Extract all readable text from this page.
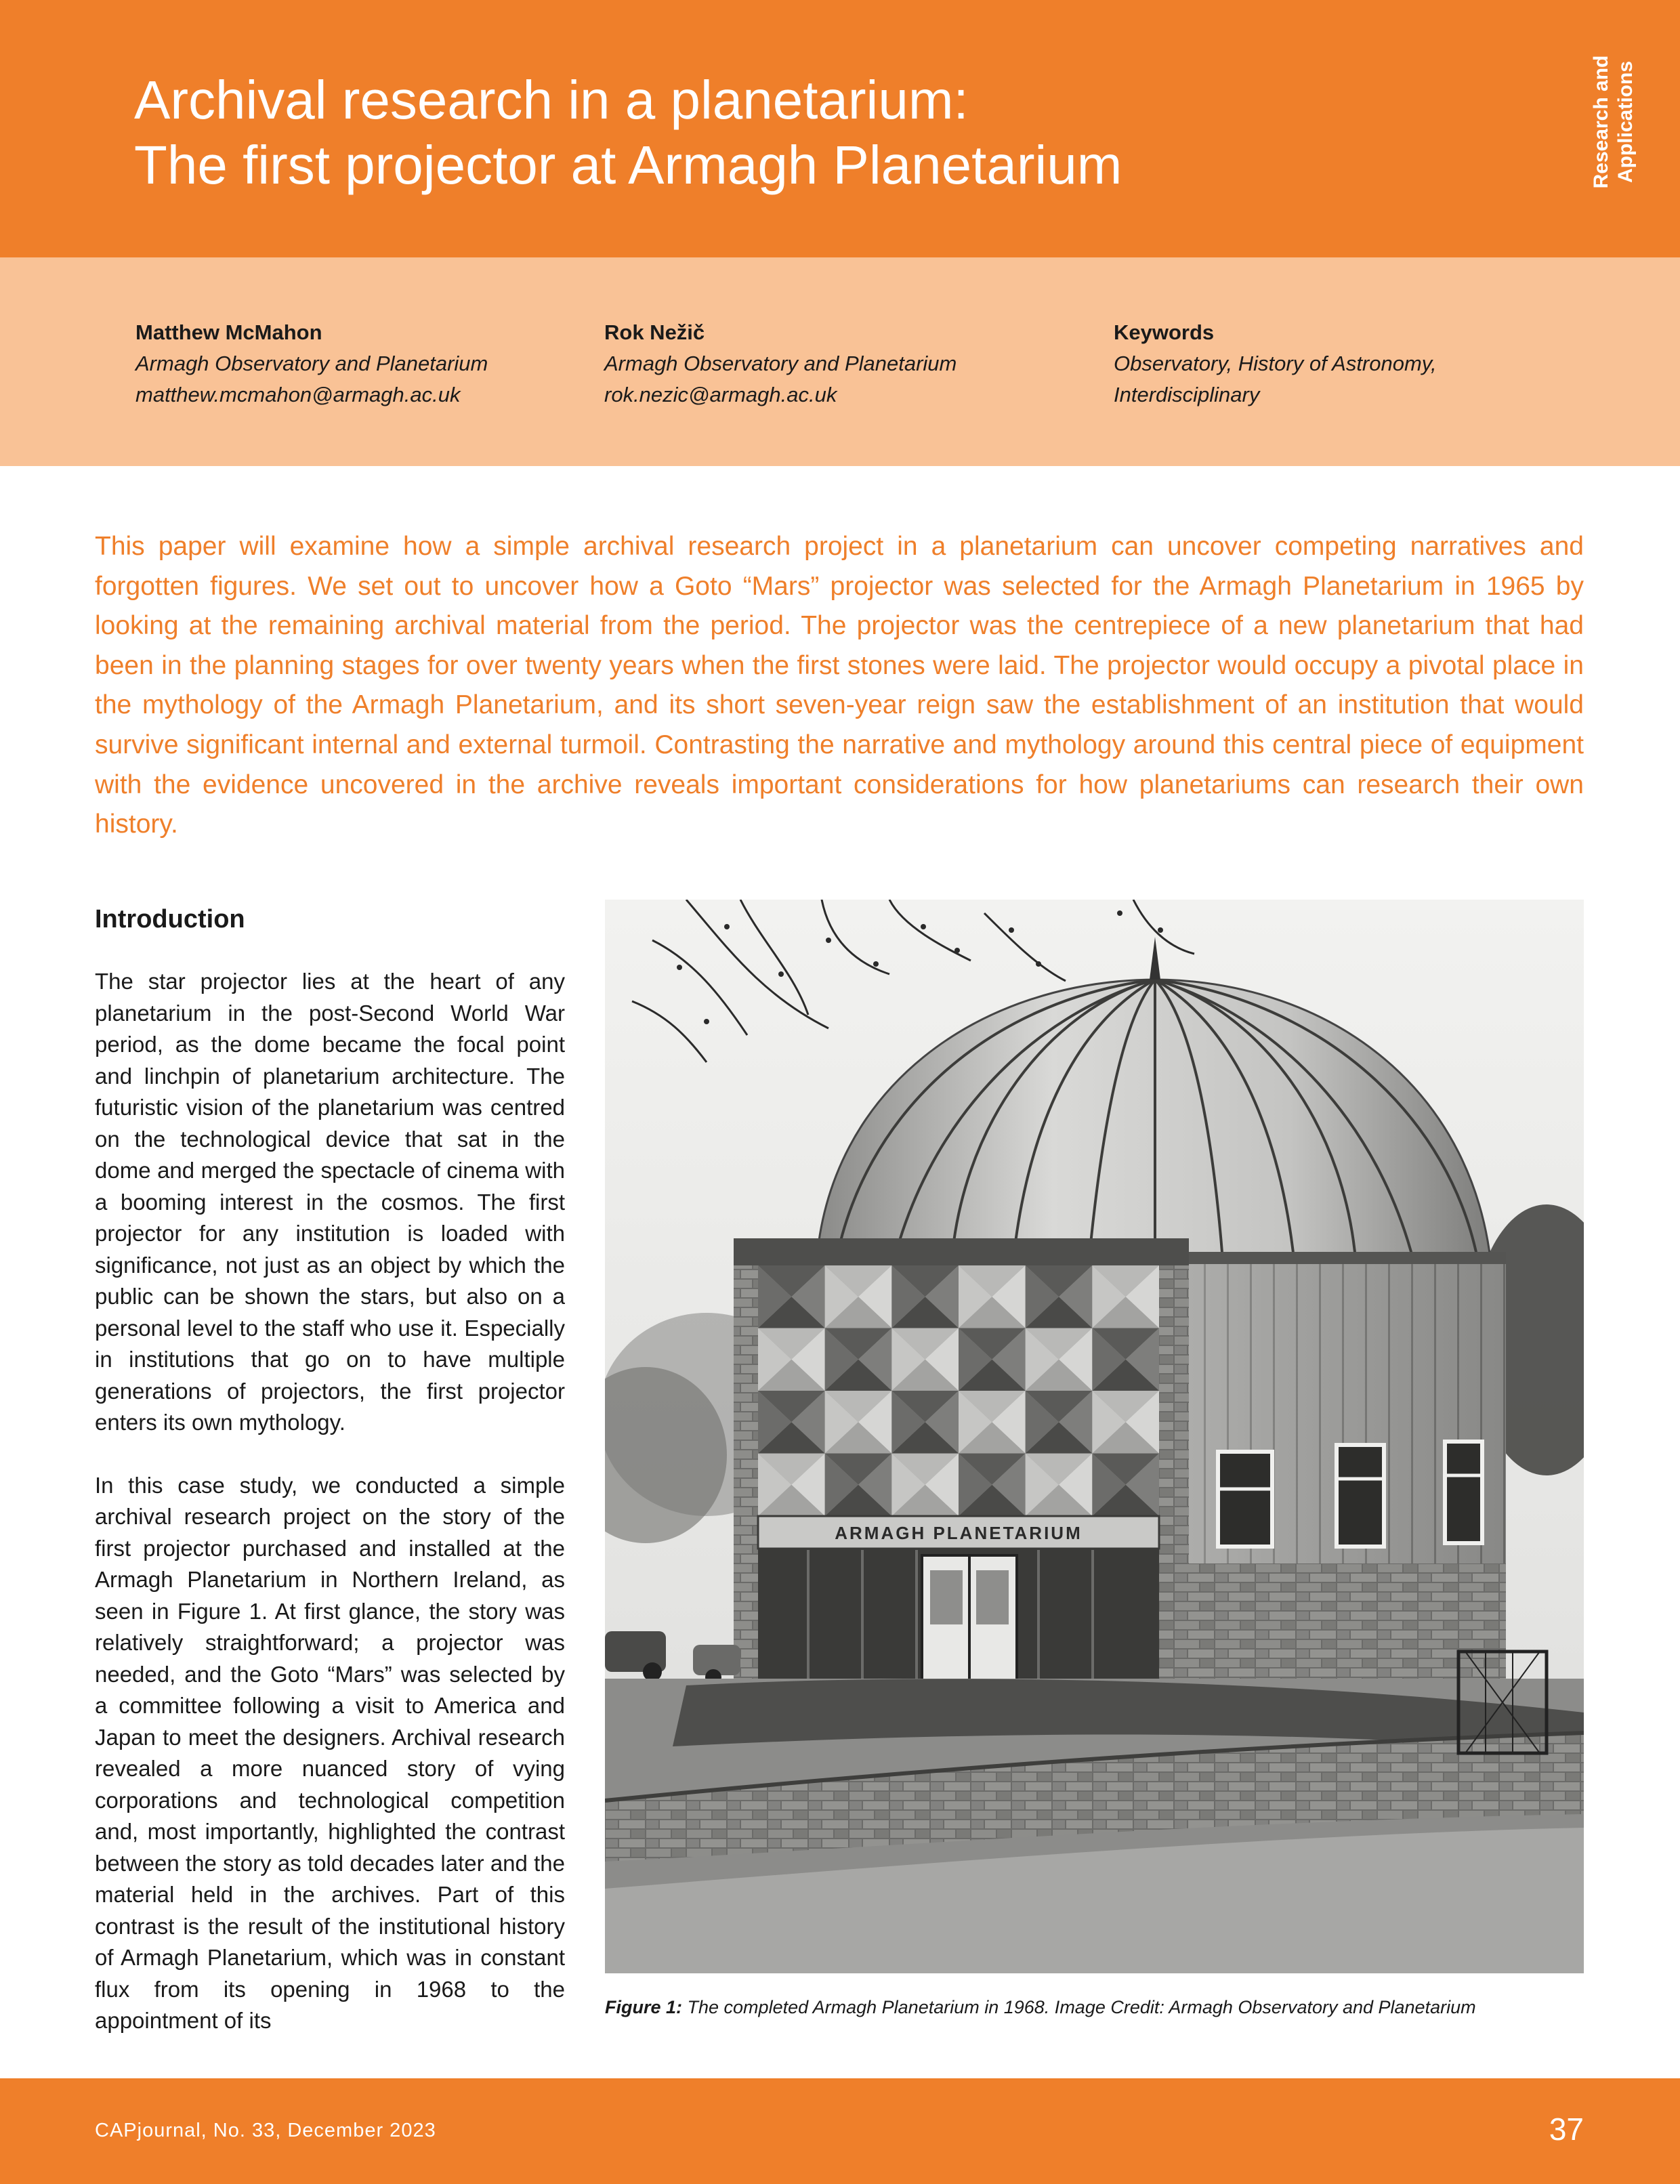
Archival research in a planetarium:
The first projector at Armagh Planetarium	Research and Applications
Matthew McMahon
Armagh Observatory and Planetarium
matthew.mcmahon@armagh.ac.uk
Rok Nežič
Armagh Observatory and Planetarium
rok.nezic@armagh.ac.uk
Keywords
Observatory, History of Astronomy,
Interdisciplinary

This paper will examine how a simple archival research project in a planetarium can uncover competing narratives and forgotten figures. We set out to uncover how a Goto “Mars” projector was selected for the Armagh Planetarium in 1965 by looking at the remaining archival material from the period. The projector was the centrepiece of a new planetarium that had been in the planning stages for over twenty years when the first stones were laid. The projector would occupy a pivotal place in the mythology of the Armagh Planetarium, and its short seven-year reign saw the establishment of an institution that would survive significant internal and external turmoil. Contrasting the narrative and mythology around this central piece of equipment with the evidence uncovered in the archive reveals important considerations for how planetariums can research their own history.

Introduction

The star projector lies at the heart of any planetarium in the post-Second World War period, as the dome became the focal point and linchpin of planetarium architecture. The futuristic vision of the planetarium was centred on the technological device that sat in the dome and merged the spectacle of cinema with a booming interest in the cosmos. The first projector for any institution is loaded with significance, not just as an object by which the public can be shown the stars, but also on a personal level to the staff who use it. Especially in institutions that go on to have multiple generations of projectors, the first projector enters its own mythology.

In this case study, we conducted a simple archival research project on the story of the first projector purchased and installed at the Armagh Planetarium in Northern Ireland, as seen in Figure 1. At first glance, the story was relatively straightforward; a projector was needed, and the Goto “Mars” was selected by a committee following a visit to America and Japan to meet the designers. Archival research revealed a more nuanced story of vying corporations and technological competition and, most importantly, highlighted the contrast between the story as told decades later and the material held in the archives. Part of this contrast is the result of the institutional history of Armagh Planetarium, which was in constant flux from its opening in 1968 to the appointment of its

ARMAGH PLANETARIUM

Figure 1: The completed Armagh Planetarium in 1968. Image Credit: Armagh Observatory and Planetarium

CAPjournal, No. 33, December 2023	37
